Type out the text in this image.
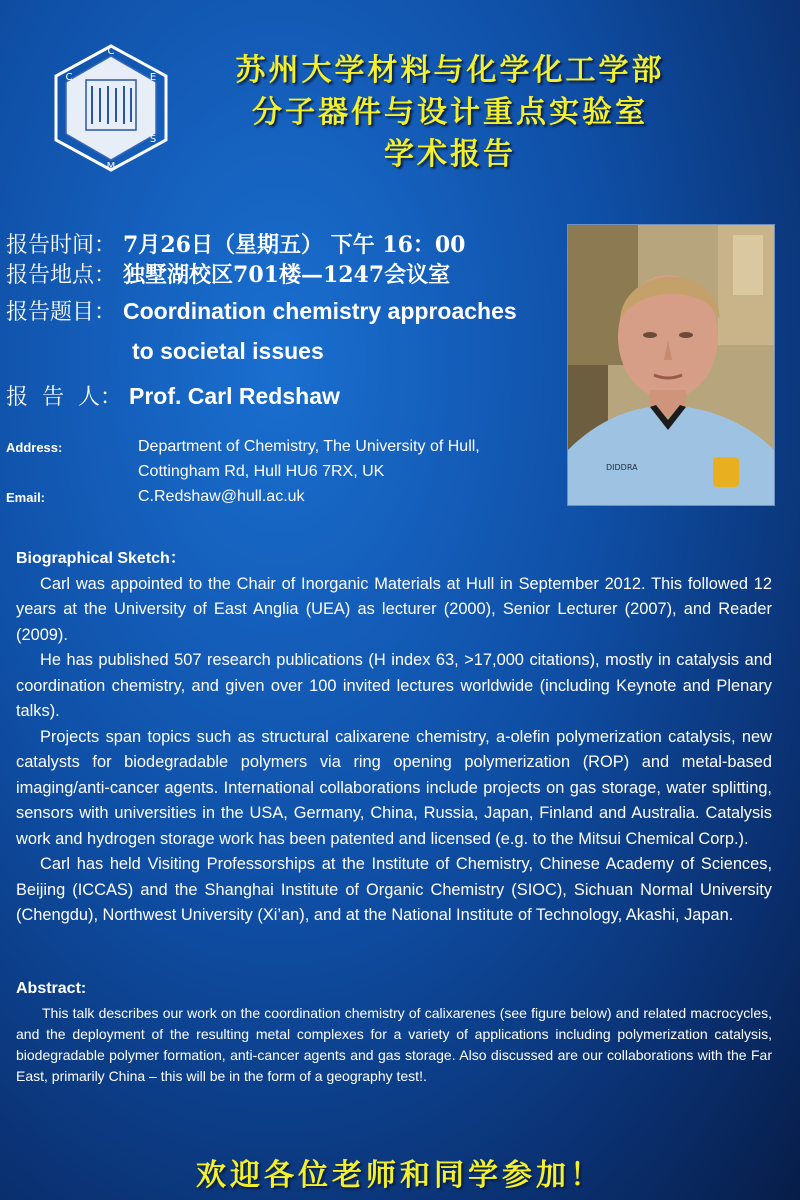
C
C	E
M
S
苏州大学材料与化学化工学部
分子器件与设计重点实验室
学术报告
报告时间： 7月26日（星期五） 下午 16：00
报告地点： 独墅湖校区701楼—1247会议室
报告题目： Coordination chemistry approaches
to societal issues
报  告  人： Prof. Carl Redshaw
Address:	Department of Chemistry, The University of Hull,
Cottingham Rd, Hull HU6 7RX, UK
Email:	C.Redshaw@hull.ac.uk
DIDDRA
Biographical Sketch：

Carl was appointed to the Chair of Inorganic Materials at Hull in September 2012. This followed 12 years at the University of East Anglia (UEA) as lecturer (2000), Senior Lecturer (2007), and Reader (2009).

He has published 507 research publications (H index 63, >17,000 citations), mostly in catalysis and coordination chemistry, and given over 100 invited lectures worldwide (including Keynote and Plenary talks).

Projects span topics such as structural calixarene chemistry, a-olefin polymerization catalysis, new catalysts for biodegradable polymers via ring opening polymerization (ROP) and metal-based imaging/anti-cancer agents. International collaborations include projects on gas storage, water splitting, sensors with universities in the USA, Germany, China, Russia, Japan, Finland and Australia. Catalysis work and hydrogen storage work has been patented and licensed (e.g. to the Mitsui Chemical Corp.).

Carl has held Visiting Professorships at the Institute of Chemistry, Chinese Academy of Sciences, Beijing (ICCAS) and the Shanghai Institute of Organic Chemistry (SIOC), Sichuan Normal University (Chengdu), Northwest University (Xi’an), and at the National Institute of Technology, Akashi, Japan.

Abstract:
This talk describes our work on the coordination chemistry of calixarenes (see figure below) and related macrocycles, and the deployment of the resulting metal complexes for a variety of applications including polymerization catalysis, biodegradable polymer formation, anti-cancer agents and gas storage. Also discussed are our collaborations with the Far East, primarily China – this will be in the form of a geography test!.
欢迎各位老师和同学参加！
